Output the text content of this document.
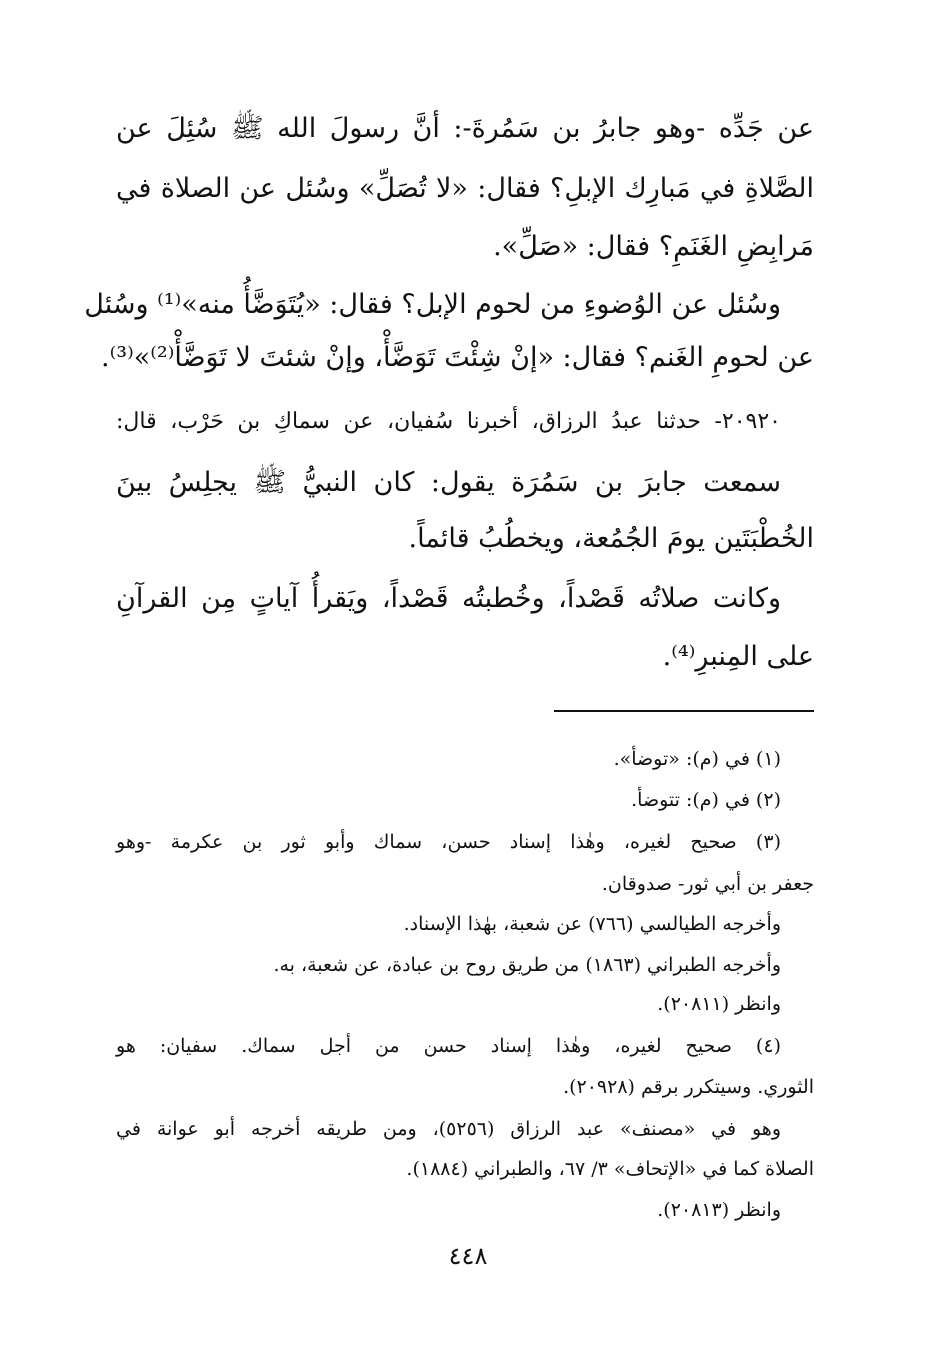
عن جَدِّه -وهو جابرُ بن سَمُرةَ-: أنَّ رسولَ الله ﷺ سُئِلَ عن
الصَّلاةِ في مَبارِك الإبلِ؟ فقال: «لا تُصَلِّ» وسُئل عن الصلاة في
مَرابِضِ الغَنَمِ؟ فقال: «صَلِّ».
وسُئل عن الوُضوءِ من لحوم الإبل؟ فقال: «يُتَوَضَّأُ منه»⁽¹⁾ وسُئل
عن لحومِ الغَنم؟ فقال: «إنْ شِئْتَ تَوَضَّأْ، وإنْ شئتَ لا تَوَضَّأْ⁽²⁾»⁽³⁾.
٢٠٩٢٠- حدثنا عبدُ الرزاق، أخبرنا سُفيان، عن سماكِ بن حَرْب، قال:
سمعت جابرَ بن سَمُرَة يقول: كان النبيُّ ﷺ يجلِسُ بينَ
الخُطْبَتَين يومَ الجُمُعة، ويخطُبُ قائماً.
وكانت صلاتُه قَصْداً، وخُطبتُه قَصْداً، ويَقرأُ آياتٍ مِن القرآنِ
على المِنبرِ⁽⁴⁾.
(١) في (م): «توضأ».
(٢) في (م): تتوضأ.
(٣) صحيح لغيره، وهٰذا إسناد حسن، سماك وأبو ثور بن عكرمة -وهو
جعفر بن أبي ثور- صدوقان.
وأخرجه الطيالسي (٧٦٦) عن شعبة، بهٰذا الإسناد.
وأخرجه الطبراني (١٨٦٣) من طريق روح بن عبادة، عن شعبة، به.
وانظر (٢٠٨١١).
(٤) صحيح لغيره، وهٰذا إسناد حسن من أجل سماك. سفيان: هو
الثوري. وسيتكرر برقم (٢٠٩٢٨).
وهو في «مصنف» عبد الرزاق (٥٢٥٦)، ومن طريقه أخرجه أبو عوانة في
الصلاة كما في «الإتحاف» ٣/ ٦٧، والطبراني (١٨٨٤).
وانظر (٢٠٨١٣).
٤٤٨
